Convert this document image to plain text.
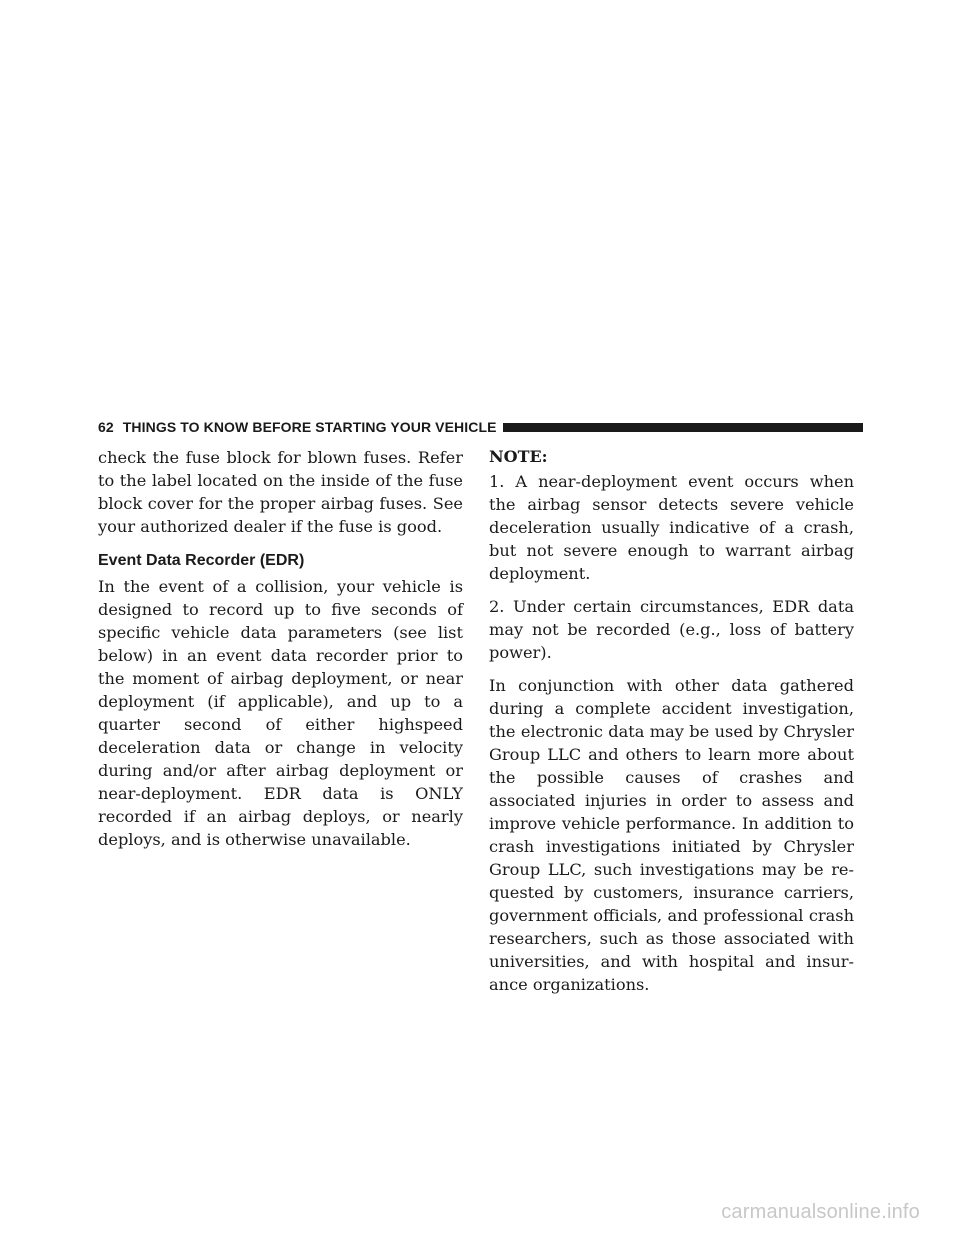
62 THINGS TO KNOW BEFORE STARTING YOUR VEHICLE

check the fuse block for blown fuses. Refer to the label located on the inside of the fuse block cover for the proper airbag fuses. See your authorized dealer if the fuse is good.

Event Data Recorder (EDR)

In the event of a collision, your vehicle is designed to record up to five seconds of specific vehicle data parameters (see list below) in an event data recorder prior to the moment of airbag deployment, or near deployment (if applicable), and up to a quarter second of either highspeed deceleration data or change in velocity during and/or after airbag deployment or near-deployment. EDR data is ONLY recorded if an airbag deploys, or nearly deploys, and is otherwise unavailable.

NOTE:

1. A near-deployment event occurs when the airbag sensor detects severe vehicle deceleration usually indicative of a crash, but not severe enough to warrant airbag deployment.

2. Under certain circumstances, EDR data may not be recorded (e.g., loss of battery power).

In conjunction with other data gathered during a complete accident investigation, the electronic data may be used by Chrysler Group LLC and others to learn more about the possible causes of crashes and associated injuries in order to assess and improve vehicle performance. In addition to crash investigations initiated by Chrysler Group LLC, such investigations may be requested by customers, insurance carriers, government officials, and professional crash researchers, such as those associated with universities, and with hospital and insurance organizations.

carmanualsonline.info
